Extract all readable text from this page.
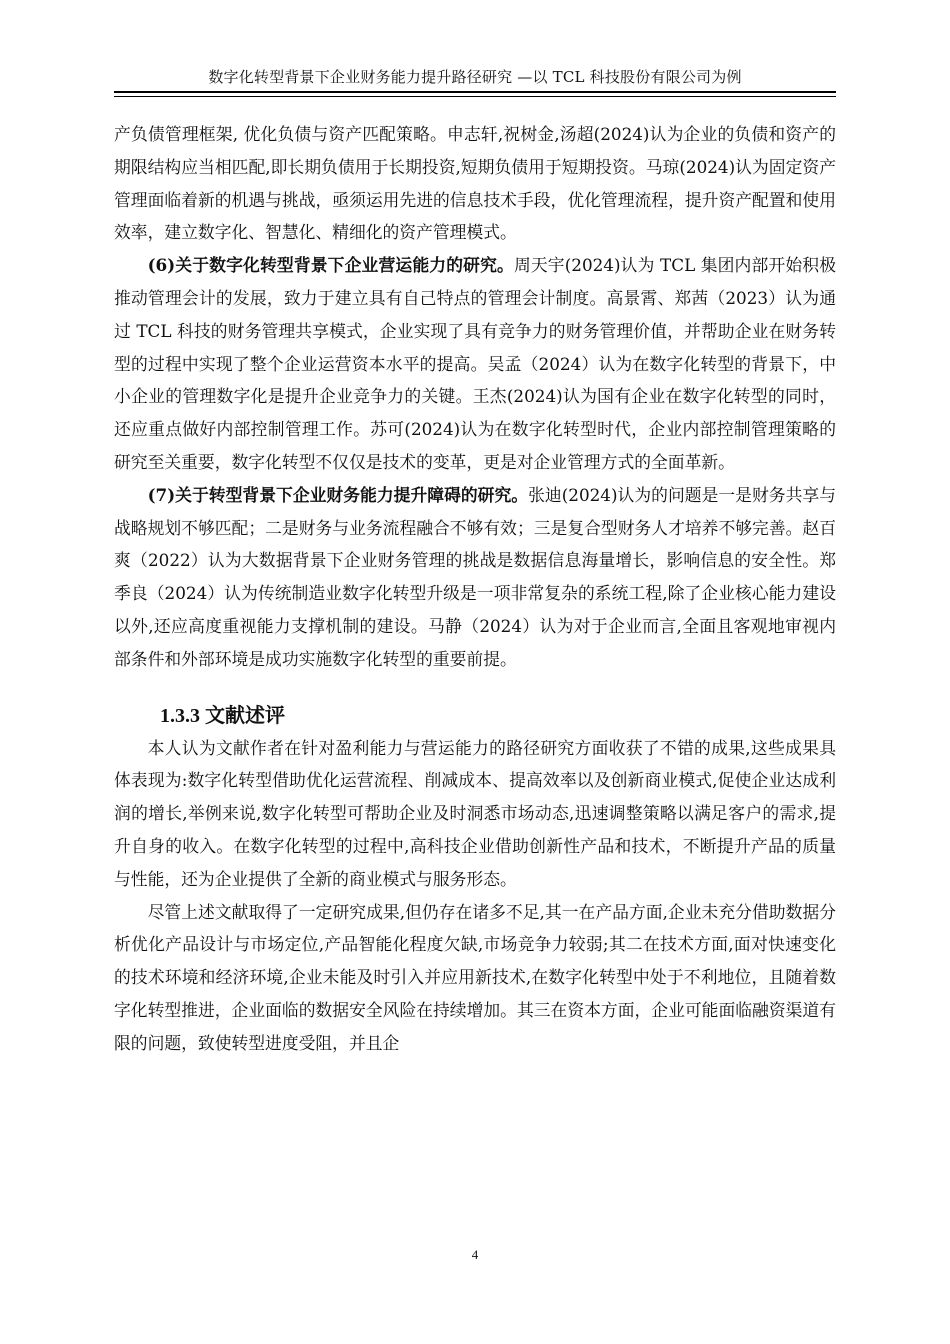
数字化转型背景下企业财务能力提升路径研究 —以 TCL 科技股份有限公司为例

产负债管理框架, 优化负债与资产匹配策略。申志轩,祝树金,汤超(2024)认为企业的负债和资产的期限结构应当相匹配,即长期负债用于长期投资,短期负债用于短期投资。马琼(2024)认为固定资产管理面临着新的机遇与挑战，亟须运用先进的信息技术手段，优化管理流程，提升资产配置和使用效率，建立数字化、智慧化、精细化的资产管理模式。

(6)关于数字化转型背景下企业营运能力的研究。周天宇(2024)认为 TCL 集团内部开始积极推动管理会计的发展，致力于建立具有自己特点的管理会计制度。高景霄、郑茜（2023）认为通过 TCL 科技的财务管理共享模式，企业实现了具有竞争力的财务管理价值，并帮助企业在财务转型的过程中实现了整个企业运营资本水平的提高。吴孟（2024）认为在数字化转型的背景下，中小企业的管理数字化是提升企业竞争力的关键。王杰(2024)认为国有企业在数字化转型的同时，还应重点做好内部控制管理工作。苏可(2024)认为在数字化转型时代，企业内部控制管理策略的研究至关重要，数字化转型不仅仅是技术的变革，更是对企业管理方式的全面革新。

(7)关于转型背景下企业财务能力提升障碍的研究。张迪(2024)认为的问题是一是财务共享与战略规划不够匹配；二是财务与业务流程融合不够有效；三是复合型财务人才培养不够完善。赵百爽（2022）认为大数据背景下企业财务管理的挑战是数据信息海量增长，影响信息的安全性。郑季良（2024）认为传统制造业数字化转型升级是一项非常复杂的系统工程,除了企业核心能力建设以外,还应高度重视能力支撑机制的建设。马静（2024）认为对于企业而言,全面且客观地审视内部条件和外部环境是成功实施数字化转型的重要前提。

1.3.3 文献述评

本人认为文献作者在针对盈利能力与营运能力的路径研究方面收获了不错的成果,这些成果具体表现为:数字化转型借助优化运营流程、削减成本、提高效率以及创新商业模式,促使企业达成利润的增长,举例来说,数字化转型可帮助企业及时洞悉市场动态,迅速调整策略以满足客户的需求,提升自身的收入。在数字化转型的过程中,高科技企业借助创新性产品和技术，不断提升产品的质量与性能，还为企业提供了全新的商业模式与服务形态。

尽管上述文献取得了一定研究成果,但仍存在诸多不足,其一在产品方面,企业未充分借助数据分析优化产品设计与市场定位,产品智能化程度欠缺,市场竞争力较弱;其二在技术方面,面对快速变化的技术环境和经济环境,企业未能及时引入并应用新技术,在数字化转型中处于不利地位，且随着数字化转型推进，企业面临的数据安全风险在持续增加。其三在资本方面，企业可能面临融资渠道有限的问题，致使转型进度受阻，并且企

4
